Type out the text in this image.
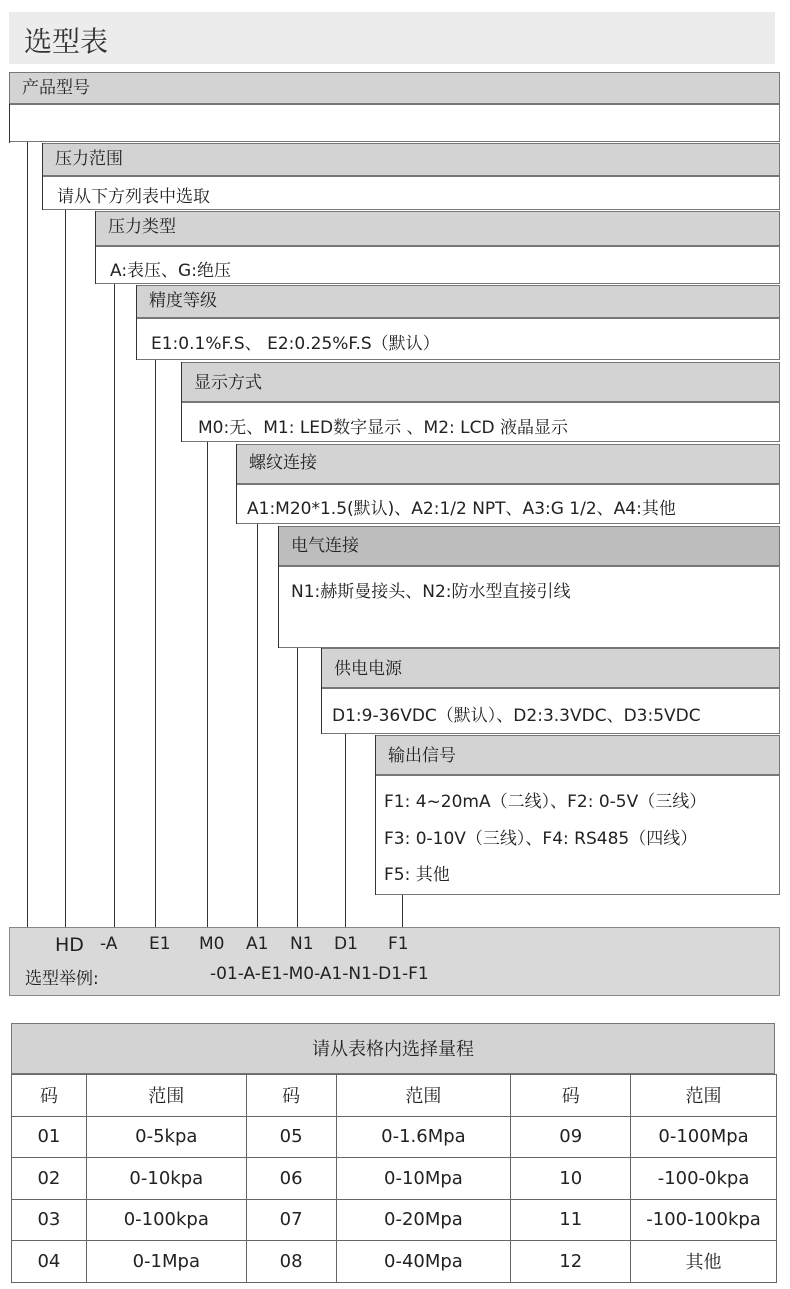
选型表
产品型号
压力范围
请从下方列表中选取
压力类型
A:表压、G:绝压
精度等级
E1:0.1%F.S、 E2:0.25%F.S（默认）
显示方式
M0:无、M1: LED数字显示 、M2: LCD 液晶显示
螺纹连接
A1:M20*1.5(默认)、A2:1/2 NPT、A3:G 1/2、A4:其他
电气连接
N1:赫斯曼接头、N2:防水型直接引线
供电电源
D1:9-36VDC（默认）、D2:3.3VDC、D3:5VDC
输出信号
F1: 4~20mA（二线）、F2: 0-5V（三线）
F3: 0-10V（三线）、F4: RS485（四线）
F5: 其他
HD -A E1 M0 A1 N1 D1 F1
选型举例:	-01-A-E1-M0-A1-N1-D1-F1
请从表格内选择量程
码	范围	码	范围	码	范围
01	0-5kpa	05	0-1.6Mpa	09	0-100Mpa
02	0-10kpa	06	0-10Mpa	10	-100-0kpa
03	0-100kpa	07	0-20Mpa	11	-100-100kpa
04	0-1Mpa	08	0-40Mpa	12	其他
